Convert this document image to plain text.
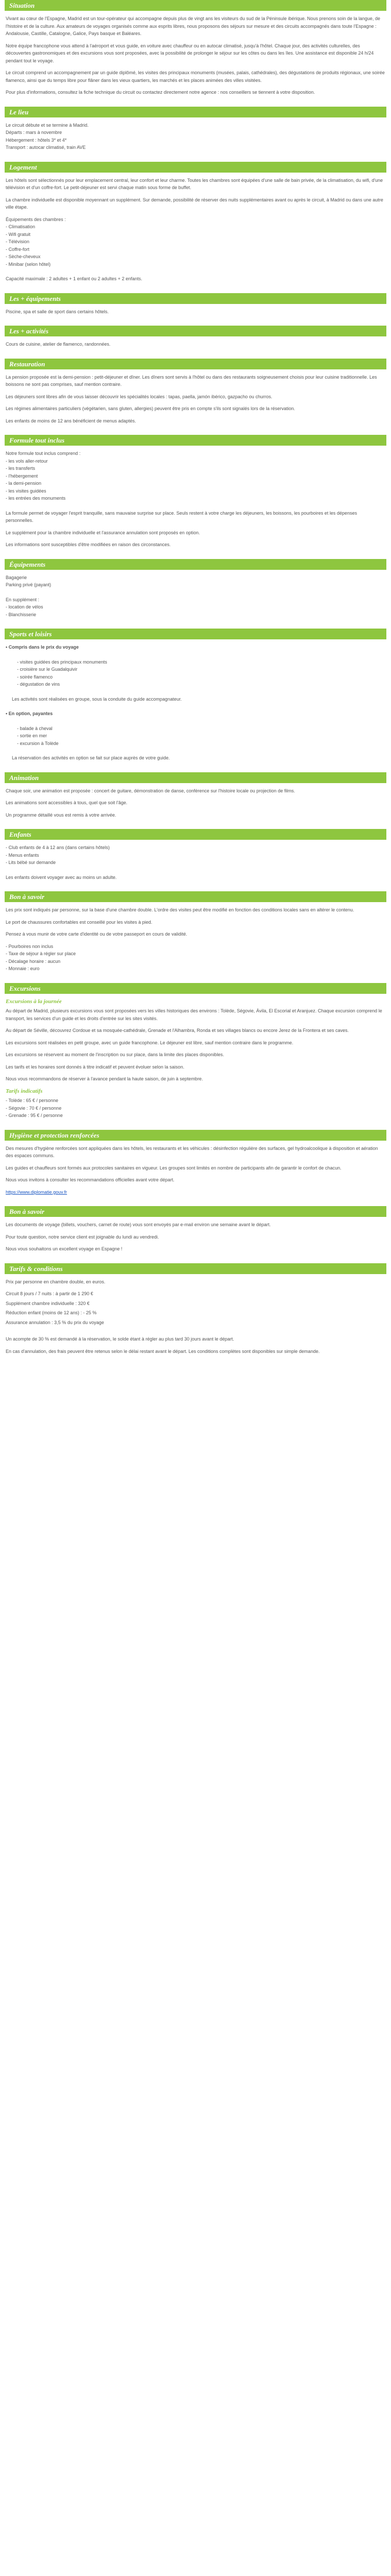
Situation

Vivant au cœur de l'Espagne, Madrid est un tour-opérateur qui accompagne depuis plus de vingt ans les visiteurs du sud de la Péninsule ibérique. Nous prenons soin de la langue, de l'histoire et de la culture. Aux amateurs de voyages organisés comme aux esprits libres, nous proposons des séjours sur mesure et des circuits accompagnés dans toute l'Espagne : Andalousie, Castille, Catalogne, Galice, Pays basque et Baléares.

Notre équipe francophone vous attend à l'aéroport et vous guide, en voiture avec chauffeur ou en autocar climatisé, jusqu'à l'hôtel. Chaque jour, des activités culturelles, des découvertes gastronomiques et des excursions vous sont proposées, avec la possibilité de prolonger le séjour sur les côtes ou dans les îles. Une assistance est disponible 24 h/24 pendant tout le voyage.

Le circuit comprend un accompagnement par un guide diplômé, les visites des principaux monuments (musées, palais, cathédrales), des dégustations de produits régionaux, une soirée flamenco, ainsi que du temps libre pour flâner dans les vieux quartiers, les marchés et les places animées des villes visitées.

Pour plus d'informations, consultez la fiche technique du circuit ou contactez directement notre agence : nos conseillers se tiennent à votre disposition.

Le lieu
Le circuit débute et se termine à Madrid.
Départs : mars à novembre
Hébergement : hôtels 3* et 4*
Transport : autocar climatisé, train AVE
Logement

Les hôtels sont sélectionnés pour leur emplacement central, leur confort et leur charme. Toutes les chambres sont équipées d'une salle de bain privée, de la climatisation, du wifi, d'une télévision et d'un coffre-fort. Le petit-déjeuner est servi chaque matin sous forme de buffet.

La chambre individuelle est disponible moyennant un supplément. Sur demande, possibilité de réserver des nuits supplémentaires avant ou après le circuit, à Madrid ou dans une autre ville étape.

Équipements des chambres :
- Climatisation
- Wifi gratuit
- Télévision
- Coffre-fort
- Sèche-cheveux
- Minibar (selon hôtel)
Capacité maximale : 2 adultes + 1 enfant ou 2 adultes + 2 enfants.
Les + équipements
Piscine, spa et salle de sport dans certains hôtels.
Les + activités
Cours de cuisine, atelier de flamenco, randonnées.
Restauration

La pension proposée est la demi-pension : petit-déjeuner et dîner. Les dîners sont servis à l'hôtel ou dans des restaurants soigneusement choisis pour leur cuisine traditionnelle. Les boissons ne sont pas comprises, sauf mention contraire.

Les déjeuners sont libres afin de vous laisser découvrir les spécialités locales : tapas, paella, jamón ibérico, gazpacho ou churros.

Les régimes alimentaires particuliers (végétarien, sans gluten, allergies) peuvent être pris en compte s'ils sont signalés lors de la réservation.

Les enfants de moins de 12 ans bénéficient de menus adaptés.

Formule tout inclus
Notre formule tout inclus comprend :
- les vols aller-retour
- les transferts
- l'hébergement
- la demi-pension
- les visites guidées
- les entrées des monuments

La formule permet de voyager l'esprit tranquille, sans mauvaise surprise sur place. Seuls restent à votre charge les déjeuners, les boissons, les pourboires et les dépenses personnelles.

Le supplément pour la chambre individuelle et l'assurance annulation sont proposés en option.

Les informations sont susceptibles d'être modifiées en raison des circonstances.

Équipements
Bagagerie
Parking privé (payant)
En supplément :
- location de vélos
- Blanchisserie
Sports et loisirs
• Compris dans le prix du voyage
- visites guidées des principaux monuments
- croisière sur le Guadalquivir
- soirée flamenco
- dégustation de vins
Les activités sont réalisées en groupe, sous la conduite du guide accompagnateur.
• En option, payantes
- balade à cheval
- sortie en mer
- excursion à Tolède
La réservation des activités en option se fait sur place auprès de votre guide.
Animation

Chaque soir, une animation est proposée : concert de guitare, démonstration de danse, conférence sur l'histoire locale ou projection de films.

Les animations sont accessibles à tous, quel que soit l'âge.

Un programme détaillé vous est remis à votre arrivée.

Enfants
- Club enfants de 4 à 12 ans (dans certains hôtels)
- Menus enfants
- Lits bébé sur demande
Les enfants doivent voyager avec au moins un adulte.
Bon à savoir

Les prix sont indiqués par personne, sur la base d'une chambre double. L'ordre des visites peut être modifié en fonction des conditions locales sans en altérer le contenu.

Le port de chaussures confortables est conseillé pour les visites à pied.

Pensez à vous munir de votre carte d'identité ou de votre passeport en cours de validité.

- Pourboires non inclus
- Taxe de séjour à régler sur place
- Décalage horaire : aucun
- Monnaie : euro
Excursions
Excursions à la journée

Au départ de Madrid, plusieurs excursions vous sont proposées vers les villes historiques des environs : Tolède, Ségovie, Ávila, El Escorial et Aranjuez. Chaque excursion comprend le transport, les services d'un guide et les droits d'entrée sur les sites visités.

Au départ de Séville, découvrez Cordoue et sa mosquée-cathédrale, Grenade et l'Alhambra, Ronda et ses villages blancs ou encore Jerez de la Frontera et ses caves.

Les excursions sont réalisées en petit groupe, avec un guide francophone. Le déjeuner est libre, sauf mention contraire dans le programme.

Les excursions se réservent au moment de l'inscription ou sur place, dans la limite des places disponibles.

Les tarifs et les horaires sont donnés à titre indicatif et peuvent évoluer selon la saison.

Nous vous recommandons de réserver à l'avance pendant la haute saison, de juin à septembre.

Tarifs indicatifs
- Tolède : 65 € / personne
- Ségovie : 70 € / personne
- Grenade : 95 € / personne
Hygiène et protection renforcées

Des mesures d'hygiène renforcées sont appliquées dans les hôtels, les restaurants et les véhicules : désinfection régulière des surfaces, gel hydroalcoolique à disposition et aération des espaces communs.

Les guides et chauffeurs sont formés aux protocoles sanitaires en vigueur. Les groupes sont limités en nombre de participants afin de garantir le confort de chacun.

Nous vous invitons à consulter les recommandations officielles avant votre départ.

https://www.diplomatie.gouv.fr
Bon à savoir

Les documents de voyage (billets, vouchers, carnet de route) vous sont envoyés par e-mail environ une semaine avant le départ.

Pour toute question, notre service client est joignable du lundi au vendredi.

Nous vous souhaitons un excellent voyage en Espagne !

Tarifs & conditions

Prix par personne en chambre double, en euros.

Circuit 8 jours / 7 nuits : à partir de 1 290 €
Supplément chambre individuelle : 320 €
Réduction enfant (moins de 12 ans) : - 25 %
Assurance annulation : 3,5 % du prix du voyage

Un acompte de 30 % est demandé à la réservation, le solde étant à régler au plus tard 30 jours avant le départ.

En cas d'annulation, des frais peuvent être retenus selon le délai restant avant le départ. Les conditions complètes sont disponibles sur simple demande.
